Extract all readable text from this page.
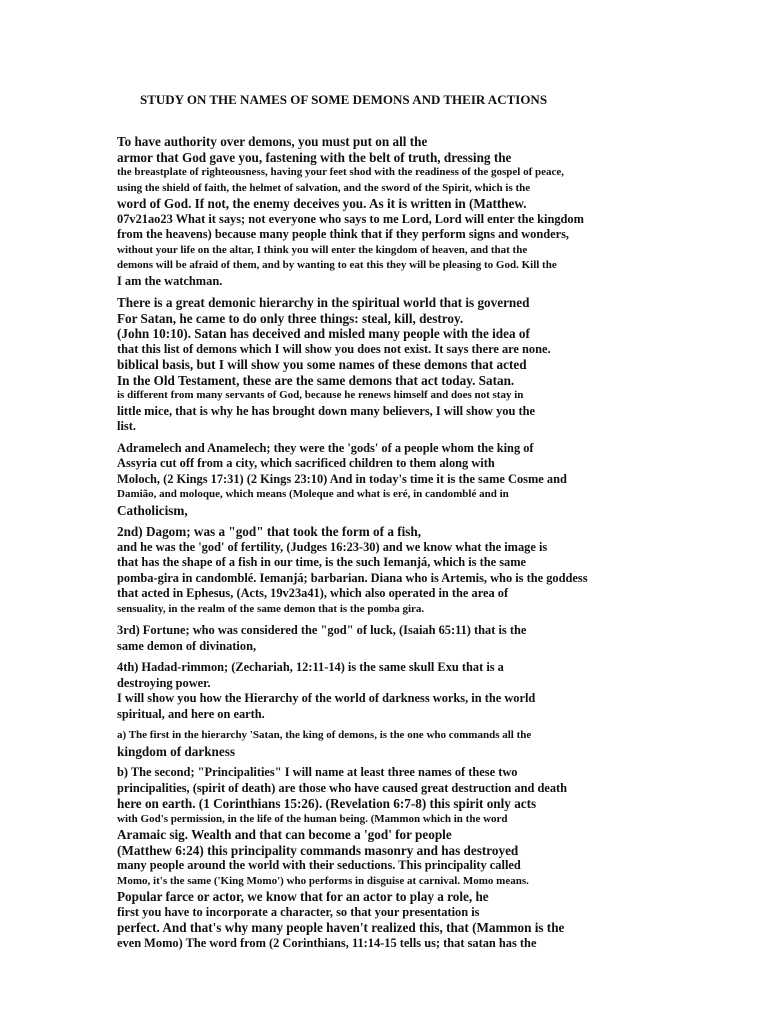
STUDY ON THE NAMES OF SOME DEMONS AND THEIR ACTIONS
To have authority over demons, you must put on all the
armor that God gave you, fastening with the belt of truth, dressing the
the breastplate of righteousness, having your feet shod with the readiness of the gospel of peace,
using the shield of faith, the helmet of salvation, and the sword of the Spirit, which is the
word of God. If not, the enemy deceives you. As it is written in (Matthew.
07v21ao23 What it says; not everyone who says to me Lord, Lord will enter the kingdom
from the heavens) because many people think that if they perform signs and wonders,
without your life on the altar, I think you will enter the kingdom of heaven, and that the
demons will be afraid of them, and by wanting to eat this they will be pleasing to God. Kill the
I am the watchman.
There is a great demonic hierarchy in the spiritual world that is governed
For Satan, he came to do only three things: steal, kill, destroy.
(John 10:10). Satan has deceived and misled many people with the idea of
that this list of demons which I will show you does not exist. It says there are none.
biblical basis, but I will show you some names of these demons that acted
In the Old Testament, these are the same demons that act today. Satan.
is different from many servants of God, because he renews himself and does not stay in
little mice, that is why he has brought down many believers, I will show you the
list.
Adramelech and Anamelech; they were the 'gods' of a people whom the king of
Assyria cut off from a city, which sacrificed children to them along with
Moloch, (2 Kings 17:31) (2 Kings 23:10) And in today's time it is the same Cosme and
Damião, and moloque, which means (Moleque and what is eré, in candomblé and in
Catholicism,
2nd) Dagom; was a "god" that took the form of a fish,
and he was the 'god' of fertility, (Judges 16:23-30) and we know what the image is
that has the shape of a fish in our time, is the such Iemanjá, which is the same
pomba-gira in candomblé. Iemanjá; barbarian. Diana who is Artemis, who is the goddess
that acted in Ephesus, (Acts, 19v23a41), which also operated in the area of
sensuality, in the realm of the same demon that is the pomba gira.
3rd) Fortune; who was considered the "god" of luck, (Isaiah 65:11) that is the
same demon of divination,
4th) Hadad-rimmon; (Zechariah, 12:11-14) is the same skull Exu that is a
destroying power.
I will show you how the Hierarchy of the world of darkness works, in the world
spiritual, and here on earth.
a) The first in the hierarchy 'Satan, the king of demons, is the one who commands all the
kingdom of darkness
b) The second; "Principalities" I will name at least three names of these two
principalities, (spirit of death) are those who have caused great destruction and death
here on earth. (1 Corinthians 15:26). (Revelation 6:7-8) this spirit only acts
with God's permission, in the life of the human being. (Mammon which in the word
Aramaic sig. Wealth and that can become a 'god' for people
(Matthew 6:24) this principality commands masonry and has destroyed
many people around the world with their seductions. This principality called
Momo, it's the same ('King Momo') who performs in disguise at carnival. Momo means.
Popular farce or actor, we know that for an actor to play a role, he
first you have to incorporate a character, so that your presentation is
perfect. And that's why many people haven't realized this, that (Mammon is the
even Momo) The word from (2 Corinthians, 11:14-15 tells us; that satan has the
